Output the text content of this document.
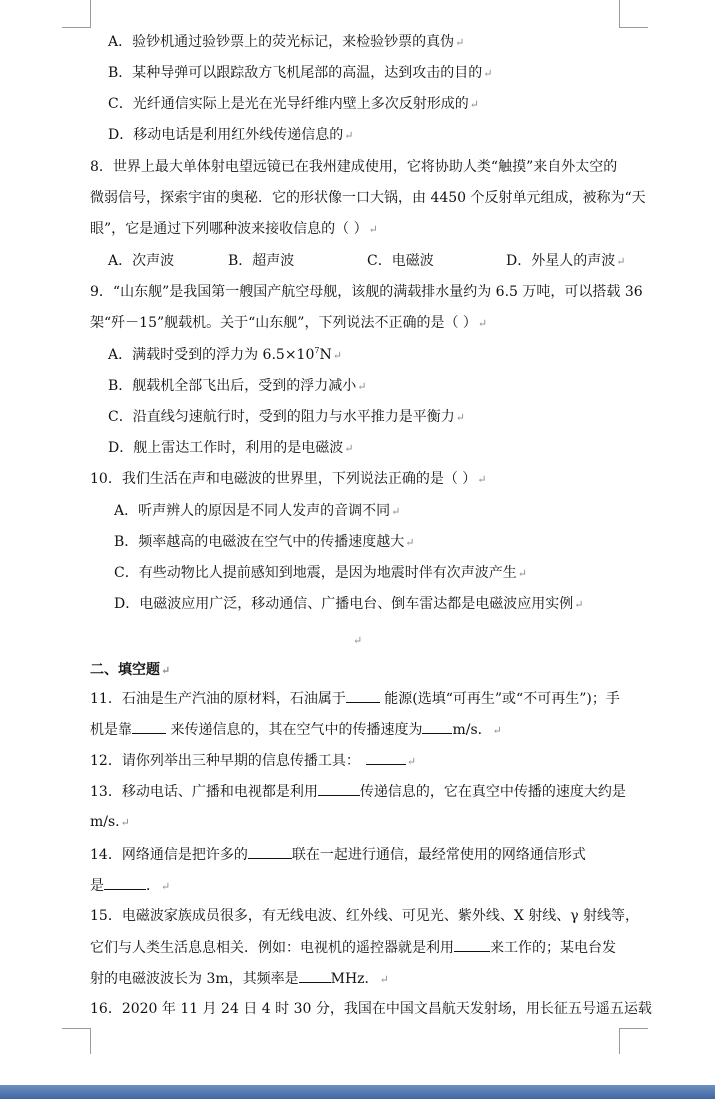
A．验钞机通过验钞票上的荧光标记，来检验钞票的真伪↵
B．某种导弹可以跟踪敌方飞机尾部的高温，达到攻击的目的↵
C．光纤通信实际上是光在光导纤维内壁上多次反射形成的↵
D．移动电话是利用红外线传递信息的↵
8．世界上最大单体射电望远镜已在我州建成使用，它将协助人类“触摸”来自外太空的
微弱信号，探索宇宙的奥秘．它的形状像一口大锅，由 4450 个反射单元组成，被称为“天
眼”，它是通过下列哪种波来接收信息的（ ）↵
A．次声波	B．超声波	C．电磁波	D．外星人的声波↵
9．“山东舰”是我国第一艘国产航空母舰，该舰的满载排水量约为 6.5 万吨，可以搭载 36
架“歼－15”舰载机。关于“山东舰”，下列说法不正确的是（ ）↵
A．满载时受到的浮力为 $6.5\times 10^7N↵$
B．舰载机全部飞出后，受到的浮力减小↵
C．沿直线匀速航行时，受到的阻力与水平推力是平衡力↵
D．舰上雷达工作时，利用的是电磁波↵
10．我们生活在声和电磁波的世界里，下列说法正确的是（ ）↵
A．听声辨人的原因是不同人发声的音调不同↵
B．频率越高的电磁波在空气中的传播速度越大↵
C．有些动物比人提前感知到地震，是因为地震时伴有次声波产生↵
D．电磁波应用广泛，移动通信、广播电台、倒车雷达都是电磁波应用实例↵
↵
二、填空题↵
11．石油是生产汽油的原材料，石油属于	能源(选填“可再生”或“不可再生”)；手
机是靠	来传递信息的，其在空气中的传播速度为 m/s．↵
12．请你列举出三种早期的信息传播工具：	↵
13．移动电话、广播和电视都是利用	传递信息的，它在真空中传播的速度大约是
m/s.↵
14．网络通信是把许多的	联在一起进行通信，最经常使用的网络通信形式
是	．↵
15．电磁波家族成员很多，有无线电波、红外线、可见光、紫外线、X 射线、γ 射线等，
它们与人类生活息息相关．例如：电视机的遥控器就是利用	来工作的；某电台发
射的电磁波波长为 3m，其频率是 MHz．↵
16．2020 年 11 月 24 日 4 时 30 分，我国在中国文昌航天发射场，用长征五号遥五运载
